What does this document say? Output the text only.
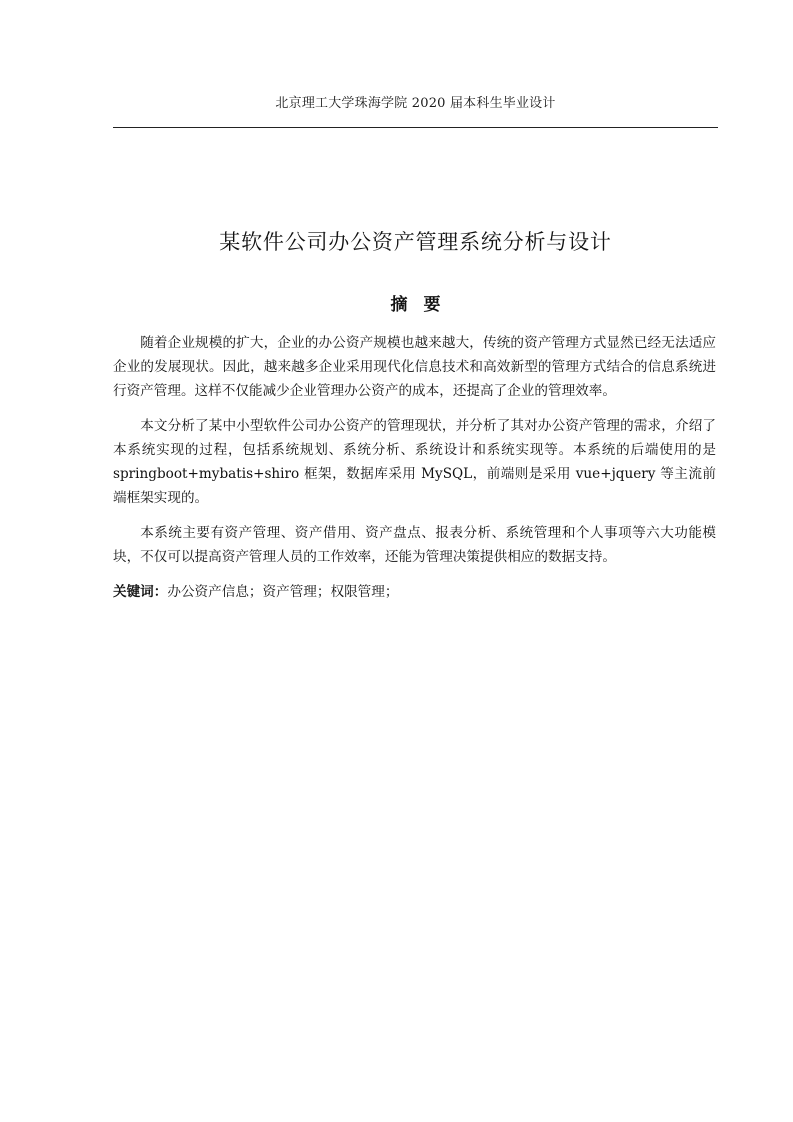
北京理工大学珠海学院 2020 届本科生毕业设计
某软件公司办公资产管理系统分析与设计
摘要

随着企业规模的扩大，企业的办公资产规模也越来越大，传统的资产管理方式显然已经无法适应企业的发展现状。因此，越来越多企业采用现代化信息技术和高效新型的管理方式结合的信息系统进行资产管理。这样不仅能减少企业管理办公资产的成本，还提高了企业的管理效率。

本文分析了某中小型软件公司办公资产的管理现状，并分析了其对办公资产管理的需求，介绍了本系统实现的过程，包括系统规划、系统分析、系统设计和系统实现等。本系统的后端使用的是 springboot+mybatis+shiro 框架，数据库采用 MySQL，前端则是采用 vue+jquery 等主流前端框架实现的。

本系统主要有资产管理、资产借用、资产盘点、报表分析、系统管理和个人事项等六大功能模块，不仅可以提高资产管理人员的工作效率，还能为管理决策提供相应的数据支持。

关键词：办公资产信息；资产管理；权限管理；
